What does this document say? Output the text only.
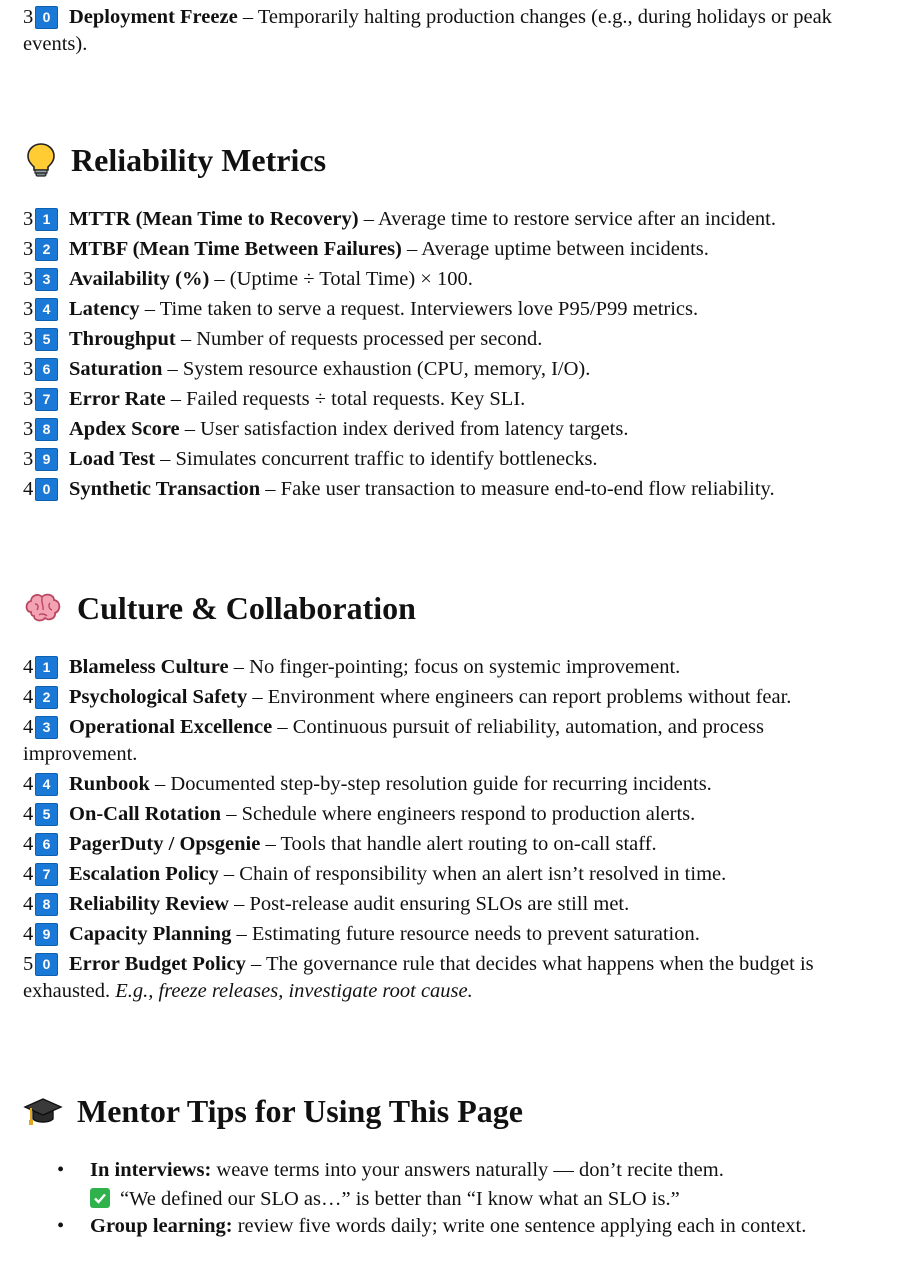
3 0 Deployment Freeze – Temporarily halting production changes (e.g., during holidays or peak events).
Reliability Metrics
3 1 MTTR (Mean Time to Recovery) – Average time to restore service after an incident.
3 2 MTBF (Mean Time Between Failures) – Average uptime between incidents.
3 3 Availability (%) – (Uptime ÷ Total Time) × 100.
3 4 Latency – Time taken to serve a request. Interviewers love P95/P99 metrics.
3 5 Throughput – Number of requests processed per second.
3 6 Saturation – System resource exhaustion (CPU, memory, I/O).
3 7 Error Rate – Failed requests ÷ total requests. Key SLI.
3 8 Apdex Score – User satisfaction index derived from latency targets.
3 9 Load Test – Simulates concurrent traffic to identify bottlenecks.
4 0 Synthetic Transaction – Fake user transaction to measure end-to-end flow reliability.
Culture & Collaboration
4 1 Blameless Culture – No finger-pointing; focus on systemic improvement.
4 2 Psychological Safety – Environment where engineers can report problems without fear.
4 3 Operational Excellence – Continuous pursuit of reliability, automation, and process improvement.
4 4 Runbook – Documented step-by-step resolution guide for recurring incidents.
4 5 On-Call Rotation – Schedule where engineers respond to production alerts.
4 6 PagerDuty / Opsgenie – Tools that handle alert routing to on-call staff.
4 7 Escalation Policy – Chain of responsibility when an alert isn’t resolved in time.
4 8 Reliability Review – Post-release audit ensuring SLOs are still met.
4 9 Capacity Planning – Estimating future resource needs to prevent saturation.
5 0 Error Budget Policy – The governance rule that decides what happens when the budget is exhausted. E.g., freeze releases, investigate root cause.
Mentor Tips for Using This Page
• In interviews: weave terms into your answers naturally — don’t recite them.
“We defined our SLO as…” is better than “I know what an SLO is.”
• Group learning: review five words daily; write one sentence applying each in context.
